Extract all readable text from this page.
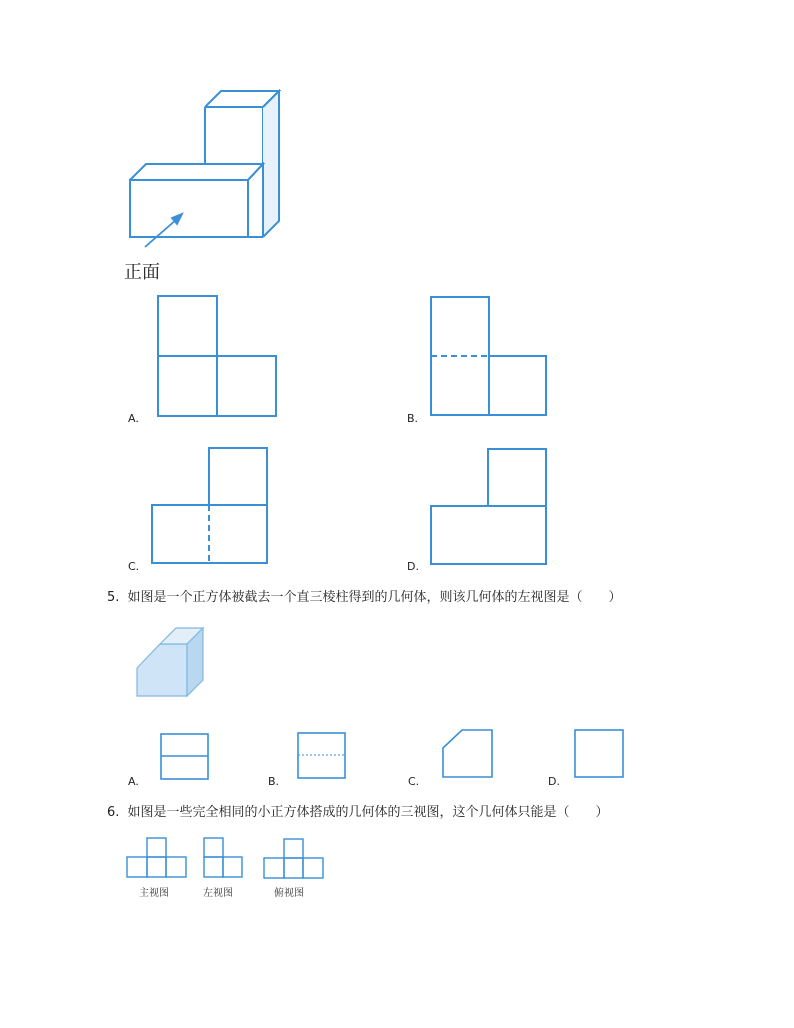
正面
A.	B.
C.	D.
5. 如图是一个正方体被截去一个直三棱柱得到的几何体，则该几何体的左视图是（　　）
A.	B.	C.	D.
6. 如图是一些完全相同的小正方体搭成的几何体的三视图，这个几何体只能是（　　）
主视图	左视图	俯视图
